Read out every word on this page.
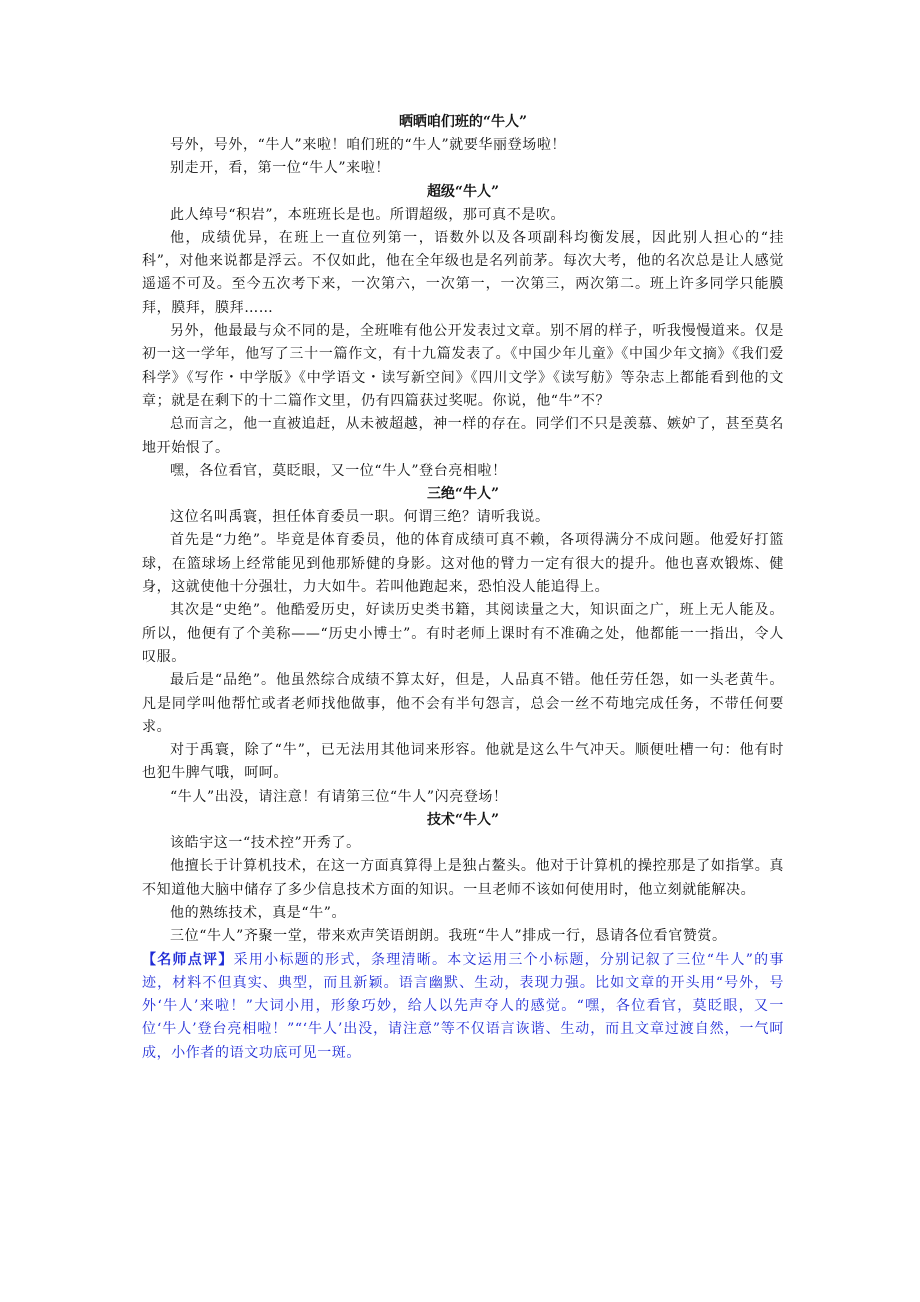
晒晒咱们班的“牛人”

号外，号外，“牛人”来啦！咱们班的“牛人”就要华丽登场啦！

别走开，看，第一位“牛人”来啦！

超级“牛人”

此人绰号“积岩”，本班班长是也。所谓超级，那可真不是吹。

他，成绩优异，在班上一直位列第一，语数外以及各项副科均衡发展，因此别人担心的“挂科”，对他来说都是浮云。不仅如此，他在全年级也是名列前茅。每次大考，他的名次总是让人感觉遥遥不可及。至今五次考下来，一次第六，一次第一，一次第三，两次第二。班上许多同学只能膜拜，膜拜，膜拜……

另外，他最最与众不同的是，全班唯有他公开发表过文章。别不屑的样子，听我慢慢道来。仅是初一这一学年，他写了三十一篇作文，有十九篇发表了。《中国少年儿童》《中国少年文摘》《我们爱科学》《写作・中学版》《中学语文・读写新空间》《四川文学》《读写舫》等杂志上都能看到他的文章；就是在剩下的十二篇作文里，仍有四篇获过奖呢。你说，他“牛”不？

总而言之，他一直被追赶，从未被超越，神一样的存在。同学们不只是羡慕、嫉妒了，甚至莫名地开始恨了。

嘿，各位看官，莫眨眼，又一位“牛人”登台亮相啦！

三绝“牛人”

这位名叫禹寰，担任体育委员一职。何谓三绝？请听我说。

首先是“力绝”。毕竟是体育委员，他的体育成绩可真不赖，各项得满分不成问题。他爱好打篮球，在篮球场上经常能见到他那矫健的身影。这对他的臂力一定有很大的提升。他也喜欢锻炼、健身，这就使他十分强壮，力大如牛。若叫他跑起来，恐怕没人能追得上。

其次是“史绝”。他酷爱历史，好读历史类书籍，其阅读量之大，知识面之广，班上无人能及。所以，他便有了个美称——“历史小博士”。有时老师上课时有不准确之处，他都能一一指出，令人叹服。

最后是“品绝”。他虽然综合成绩不算太好，但是，人品真不错。他任劳任怨，如一头老黄牛。凡是同学叫他帮忙或者老师找他做事，他不会有半句怨言，总会一丝不苟地完成任务，不带任何要求。

对于禹寰，除了“牛”，已无法用其他词来形容。他就是这么牛气冲天。顺便吐槽一句：他有时也犯牛脾气哦，呵呵。

“牛人”出没，请注意！有请第三位“牛人”闪亮登场！

技术“牛人”

该皓宇这一“技术控”开秀了。

他擅长于计算机技术，在这一方面真算得上是独占鳌头。他对于计算机的操控那是了如指掌。真不知道他大脑中储存了多少信息技术方面的知识。一旦老师不该如何使用时，他立刻就能解决。

他的熟练技术，真是“牛”。

三位“牛人”齐聚一堂，带来欢声笑语朗朗。我班“牛人”排成一行，恳请各位看官赞赏。

【名师点评】采用小标题的形式，条理清晰。本文运用三个小标题，分别记叙了三位“牛人”的事迹，材料不但真实、典型，而且新颖。语言幽默、生动，表现力强。比如文章的开头用“号外，号外‘牛人’来啦！”大词小用，形象巧妙，给人以先声夺人的感觉。“嘿，各位看官，莫眨眼，又一位‘牛人’登台亮相啦！”“‘牛人’出没，请注意”等不仅语言诙谐、生动，而且文章过渡自然，一气呵成，小作者的语文功底可见一斑。
